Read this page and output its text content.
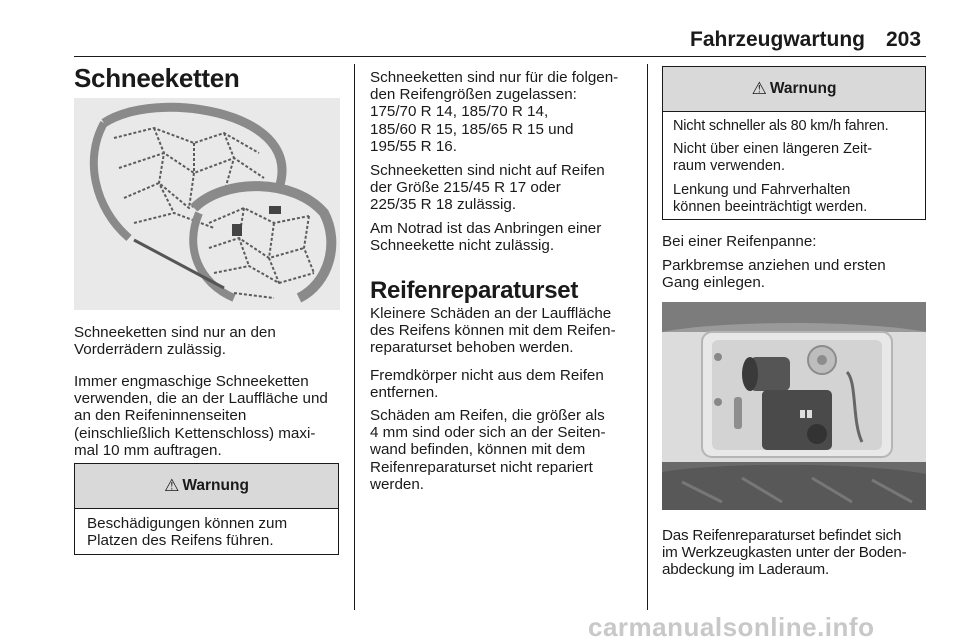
Fahrzeugwartung 203
Schneeketten
Schneeketten sind nur an den
Vorderrädern zulässig.
Immer engmaschige Schneeketten
verwenden, die an der Lauffläche und
an den Reifeninnenseiten
(einschließlich Kettenschloss) maxi-
mal 10 mm auftragen.
⚠ Warnung

Beschädigungen können zum
Platzen des Reifens führen.

Schneeketten sind nur für die folgen-
den Reifengrößen zugelassen:
175/70 R 14, 185/70 R 14,
185/60 R 15, 185/65 R 15 und
195/55 R 16.
Schneeketten sind nicht auf Reifen
der Größe 215/45 R 17 oder
225/35 R 18 zulässig.
Am Notrad ist das Anbringen einer
Schneekette nicht zulässig.
Reifenreparaturset
Kleinere Schäden an der Lauffläche
des Reifens können mit dem Reifen-
reparaturset behoben werden.
Fremdkörper nicht aus dem Reifen
entfernen.
Schäden am Reifen, die größer als
4 mm sind oder sich an der Seiten-
wand befinden, können mit dem
Reifenreparaturset nicht repariert
werden.
⚠ Warnung

Nicht schneller als 80 km/h fahren.

Nicht über einen längeren Zeit-
raum verwenden.

Lenkung und Fahrverhalten
können beeinträchtigt werden.

Bei einer Reifenpanne:
Parkbremse anziehen und ersten
Gang einlegen.
Das Reifenreparaturset befindet sich
im Werkzeugkasten unter der Boden-
abdeckung im Laderaum.
carmanualsonline.info
